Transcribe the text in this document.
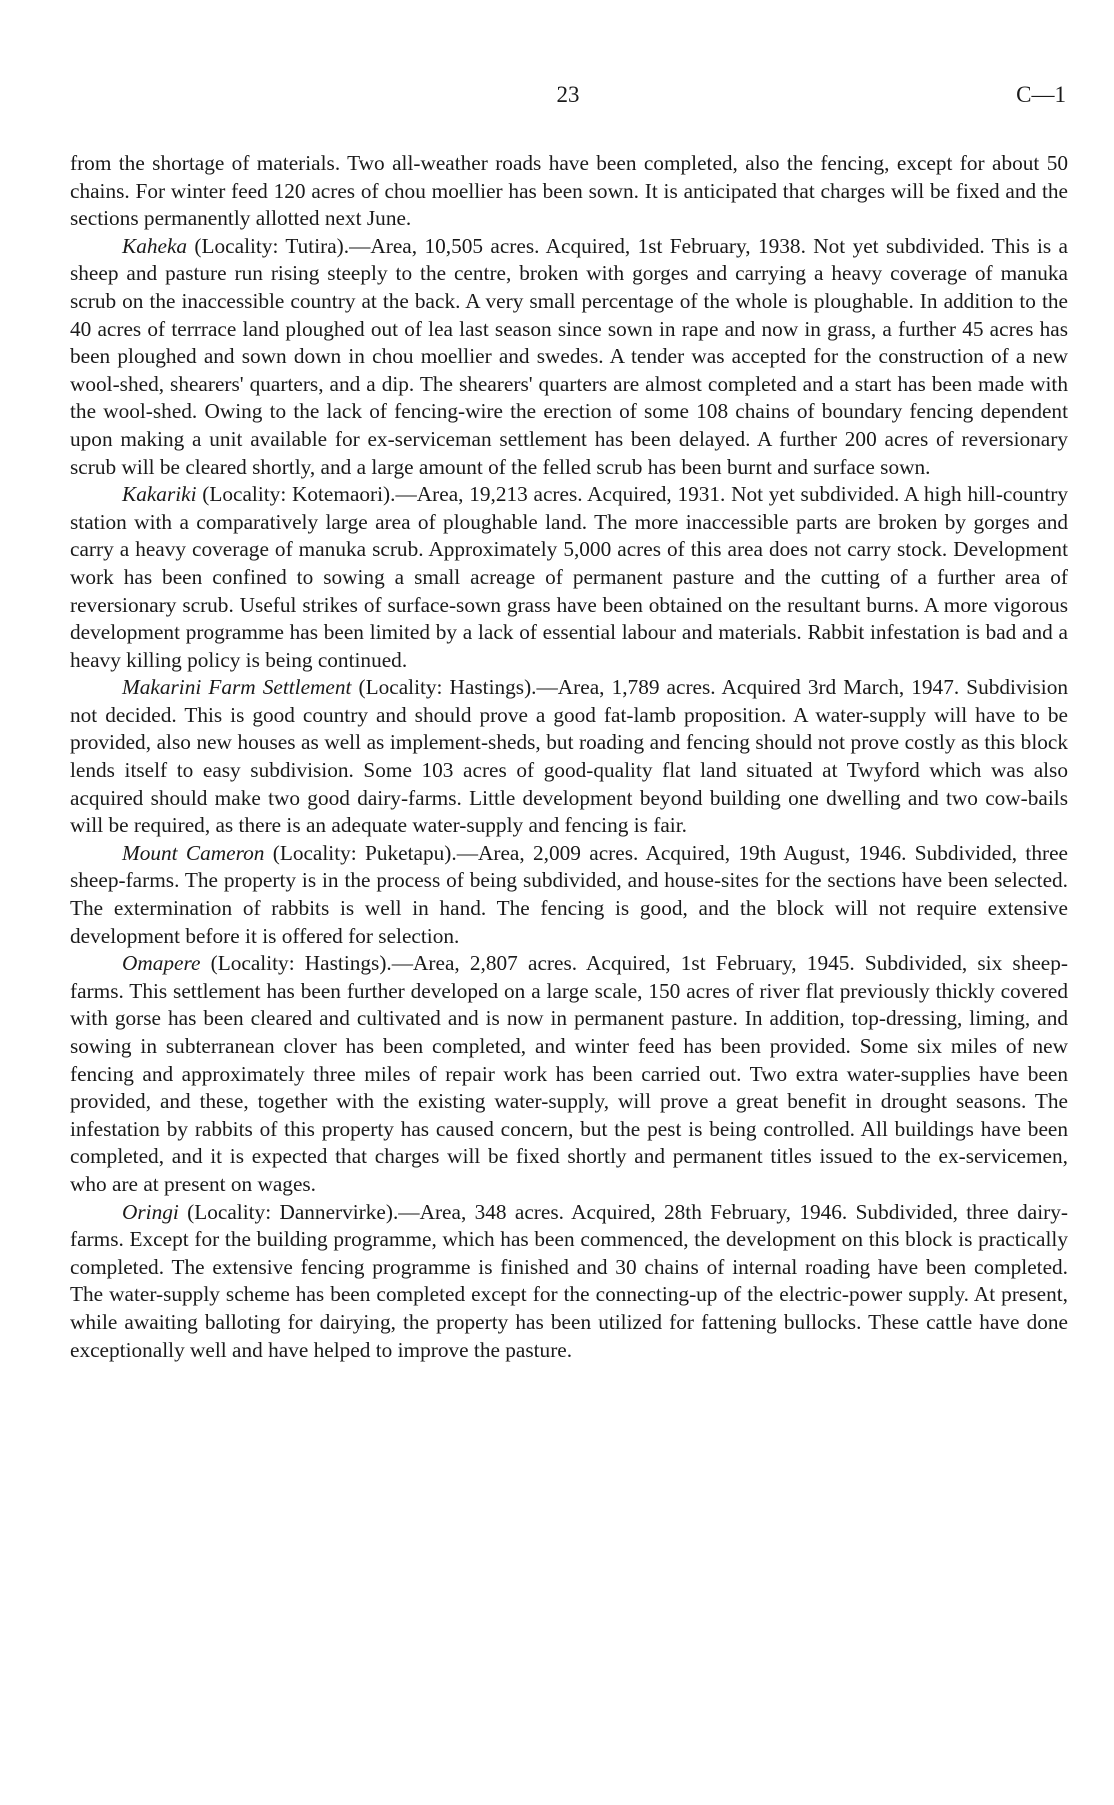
23	C—1

from the shortage of materials. Two all-weather roads have been completed, also the fencing, except for about 50 chains. For winter feed 120 acres of chou moellier has been sown. It is anticipated that charges will be fixed and the sections permanently allotted next June.

Kaheka (Locality: Tutira).—Area, 10,505 acres. Acquired, 1st February, 1938. Not yet subdivided. This is a sheep and pasture run rising steeply to the centre, broken with gorges and carrying a heavy coverage of manuka scrub on the inaccessible country at the back. A very small percentage of the whole is ploughable. In addition to the 40 acres of terrrace land ploughed out of lea last season since sown in rape and now in grass, a further 45 acres has been ploughed and sown down in chou moellier and swedes. A tender was accepted for the construction of a new wool-shed, shearers' quarters, and a dip. The shearers' quarters are almost completed and a start has been made with the wool-shed. Owing to the lack of fencing-wire the erection of some 108 chains of boundary fencing dependent upon making a unit available for ex-serviceman settlement has been delayed. A further 200 acres of reversionary scrub will be cleared shortly, and a large amount of the felled scrub has been burnt and surface sown.

Kakariki (Locality: Kotemaori).—Area, 19,213 acres. Acquired, 1931. Not yet subdivided. A high hill-country station with a comparatively large area of ploughable land. The more inaccessible parts are broken by gorges and carry a heavy coverage of manuka scrub. Approximately 5,000 acres of this area does not carry stock. Development work has been confined to sowing a small acreage of permanent pasture and the cutting of a further area of reversionary scrub. Useful strikes of surface-sown grass have been obtained on the resultant burns. A more vigorous development programme has been limited by a lack of essential labour and materials. Rabbit infestation is bad and a heavy killing policy is being continued.

Makarini Farm Settlement (Locality: Hastings).—Area, 1,789 acres. Acquired 3rd March, 1947. Subdivision not decided. This is good country and should prove a good fat-lamb proposition. A water-supply will have to be provided, also new houses as well as implement-sheds, but roading and fencing should not prove costly as this block lends itself to easy subdivision. Some 103 acres of good-quality flat land situated at Twyford which was also acquired should make two good dairy-farms. Little development beyond building one dwelling and two cow-bails will be required, as there is an adequate water-supply and fencing is fair.

Mount Cameron (Locality: Puketapu).—Area, 2,009 acres. Acquired, 19th August, 1946. Subdivided, three sheep-farms. The property is in the process of being subdivided, and house-sites for the sections have been selected. The extermination of rabbits is well in hand. The fencing is good, and the block will not require extensive development before it is offered for selection.

Omapere (Locality: Hastings).—Area, 2,807 acres. Acquired, 1st February, 1945. Subdivided, six sheep-farms. This settlement has been further developed on a large scale, 150 acres of river flat previously thickly covered with gorse has been cleared and cultivated and is now in permanent pasture. In addition, top-dressing, liming, and sowing in subterranean clover has been completed, and winter feed has been provided. Some six miles of new fencing and approximately three miles of repair work has been carried out. Two extra water-supplies have been provided, and these, together with the existing water-supply, will prove a great benefit in drought seasons. The infestation by rabbits of this property has caused concern, but the pest is being controlled. All buildings have been completed, and it is expected that charges will be fixed shortly and permanent titles issued to the ex-servicemen, who are at present on wages.

Oringi (Locality: Dannervirke).—Area, 348 acres. Acquired, 28th February, 1946. Subdivided, three dairy-farms. Except for the building programme, which has been commenced, the development on this block is practically completed. The extensive fencing programme is finished and 30 chains of internal roading have been completed. The water-supply scheme has been completed except for the connecting-up of the electric-power supply. At present, while awaiting balloting for dairying, the property has been utilized for fattening bullocks. These cattle have done exceptionally well and have helped to improve the pasture.
